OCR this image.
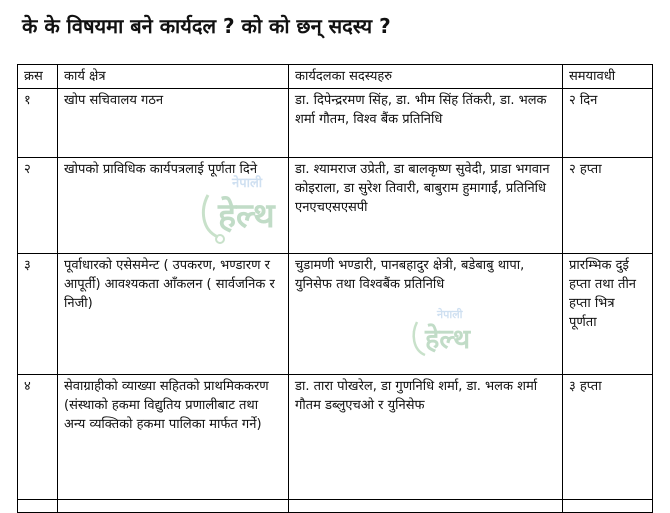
के के विषयमा बने कार्यदल ? को को छन् सदस्य ?
क्रस	कार्य क्षेत्र	कार्यदलका सदस्यहरु	समयावधी
१	खोप सचिवालय गठन	डा. दिपेन्द्ररमण सिंह, डा. भीम सिंह तिंकरी, डा. भलक शर्मा गौतम, विश्व बैंक प्रतिनिधि	२ दिन
२	खोपको प्राविधिक कार्यपत्रलाई पूर्णता दिने	डा. श्यामराज उप्रेती, डा बालकृष्ण सुवेदी, प्राडा भगवान कोइराला, डा सुरेश तिवारी, बाबुराम हुमागाईं, प्रतिनिधि एनएचएसएसपी	२ हप्ता
३	पूर्वाधारको एसेसमेन्ट ( उपकरण, भण्डारण र आपूर्ती) आवश्यकता आँकलन ( सार्वजनिक र निजी)	चुडामणी भण्डारी, पानबहादुर क्षेत्री, बडेबाबु थापा, युनिसेफ तथा विश्वबैंक प्रतिनिधि	प्रारम्भिक दुई हप्ता तथा तीन हप्ता भित्र पूर्णता
४	सेवाग्राहीको व्याख्या सहितको प्राथमिककरण (संस्थाको हकमा विद्युतिय प्रणालीबाट तथा अन्य व्यक्तिको हकमा पालिका मार्फत गर्ने)	डा. तारा पोखरेल, डा गुणनिधि शर्मा, डा. भलक शर्मा गौतम डब्लुएचओ र युनिसेफ	३ हप्ता

नेपाली
हेल्थ
नेपाली
हेल्थ
